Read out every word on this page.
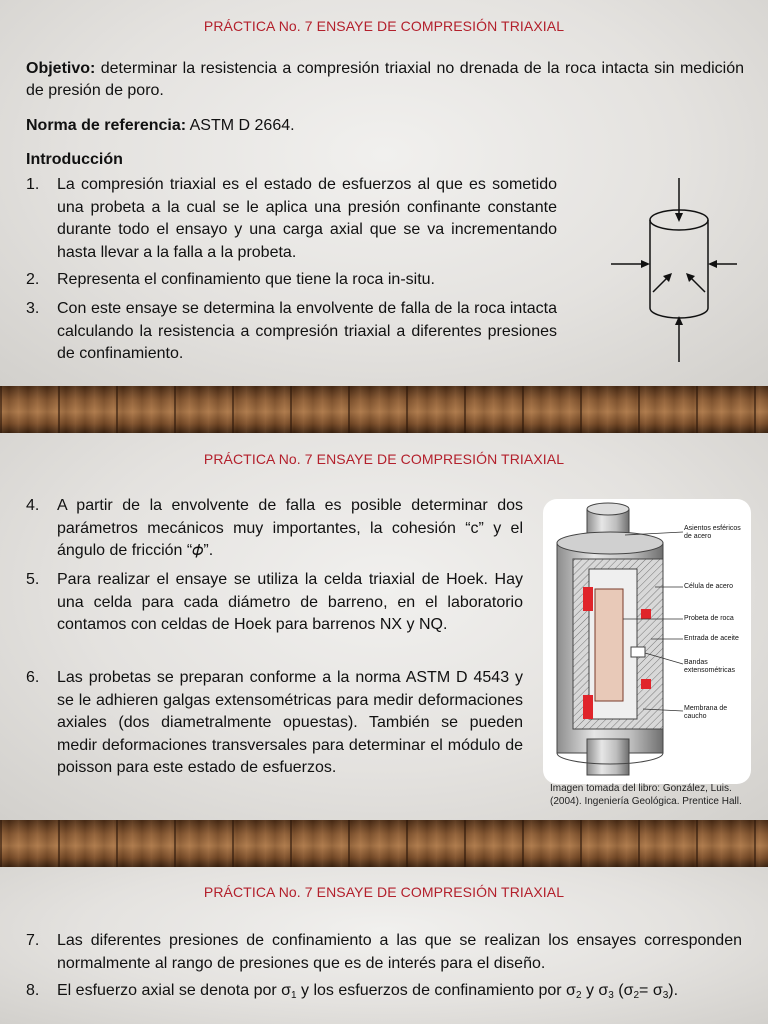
PRÁCTICA No. 7 ENSAYE DE COMPRESIÓN TRIAXIAL
Objetivo: determinar la resistencia a compresión triaxial no drenada de la roca intacta sin medición de presión de poro.
Norma de referencia: ASTM D 2664.
Introducción
1.	La compresión triaxial es el estado de esfuerzos al que es sometido una probeta a la cual se le aplica una presión confinante constante durante todo el ensayo y una carga axial que se va incrementando hasta llevar a la falla a la probeta.
2.	Representa el confinamiento que tiene la roca in-situ.
3.	Con este ensaye se determina la envolvente de falla de la roca intacta calculando la resistencia a compresión triaxial a diferentes presiones de confinamiento.
PRÁCTICA No. 7 ENSAYE DE COMPRESIÓN TRIAXIAL
4.	A partir de la envolvente de falla es posible determinar dos parámetros mecánicos muy importantes, la cohesión “c” y el ángulo de fricción “𝜙”.
5.	Para realizar el ensaye se utiliza la celda triaxial de Hoek. Hay una celda para cada diámetro de barreno, en el laboratorio contamos con celdas de Hoek para barrenos NX y NQ.
6.	Las probetas se preparan conforme a la norma ASTM D 4543 y se le adhieren galgas extensométricas para medir deformaciones axiales (dos diametralmente opuestas). También se pueden medir deformaciones transversales para determinar el módulo de poisson para este estado de esfuerzos.
Asientos esféricos de acero
Célula de acero
Probeta de roca
Entrada de aceite
Bandas extensométricas
Membrana de caucho
Imagen tomada del libro: González, Luis. (2004). Ingeniería Geológica. Prentice Hall.
PRÁCTICA No. 7 ENSAYE DE COMPRESIÓN TRIAXIAL
7.	Las diferentes presiones de confinamiento a las que se realizan los ensayes corresponden normalmente al rango de presiones que es de interés para el diseño.
8.	El esfuerzo axial se denota por $\sigma_1$ y los esfuerzos de confinamiento por $\sigma_2$ y $\sigma_3$ $(\sigma_2= \sigma_3)$.
